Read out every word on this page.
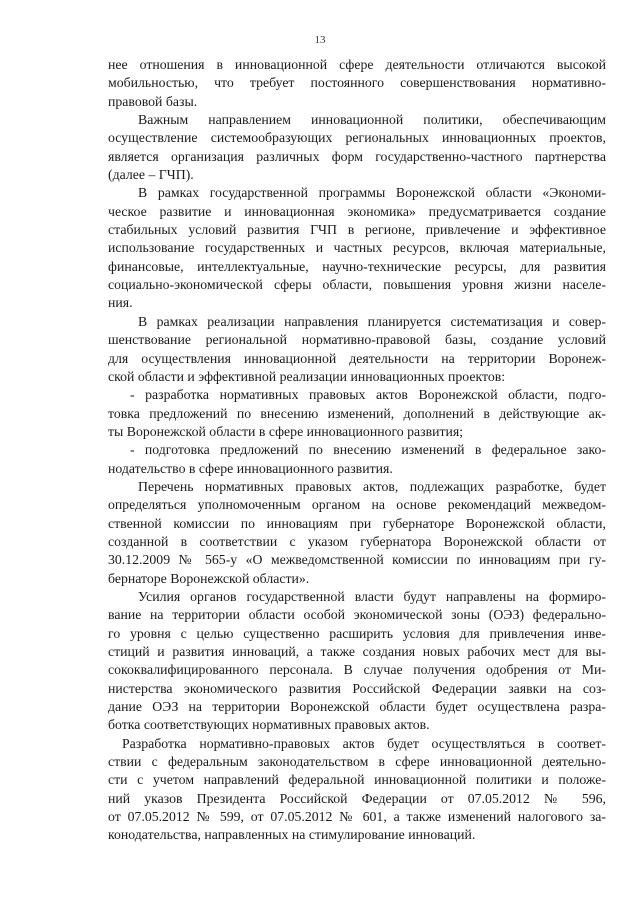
13
нее отношения в инновационной сфере деятельности отличаются высокой
мобильностью, что требует постоянного совершенствования нормативно-
правовой базы.
Важным направлением инновационной политики, обеспечивающим
осуществление системообразующих региональных инновационных проектов,
является организация различных форм государственно-частного партнерства
(далее – ГЧП).
В рамках государственной программы Воронежской области «Экономи-
ческое развитие и инновационная экономика» предусматривается создание
стабильных условий развития ГЧП в регионе, привлечение и эффективное
использование государственных и частных ресурсов, включая материальные,
финансовые, интеллектуальные, научно-технические ресурсы, для развития
социально-экономической сферы области, повышения уровня жизни населе-
ния.
В рамках реализации направления планируется систематизация и совер-
шенствование региональной нормативно-правовой базы, создание условий
для осуществления инновационной деятельности на территории Воронеж-
ской области и эффективной реализации инновационных проектов:
- разработка нормативных правовых актов Воронежской области, подго-
товка предложений по внесению изменений, дополнений в действующие ак-
ты Воронежской области в сфере инновационного развития;
- подготовка предложений по внесению изменений в федеральное зако-
нодательство в сфере инновационного развития.
Перечень нормативных правовых актов, подлежащих разработке, будет
определяться уполномоченным органом на основе рекомендаций межведом-
ственной комиссии по инновациям при губернаторе Воронежской области,
созданной в соответствии с указом губернатора Воронежской области от
30.12.2009 № 565-у «О межведомственной комиссии по инновациям при гу-
бернаторе Воронежской области».
Усилия органов государственной власти будут направлены на формиро-
вание на территории области особой экономической зоны (ОЭЗ) федерально-
го уровня с целью существенно расширить условия для привлечения инве-
стиций и развития инноваций, а также создания новых рабочих мест для вы-
сококвалифицированного персонала. В случае получения одобрения от Ми-
нистерства экономического развития Российской Федерации заявки на соз-
дание ОЭЗ на территории Воронежской области будет осуществлена разра-
ботка соответствующих нормативных правовых актов.
Разработка нормативно-правовых актов будет осуществляться в соответ-
ствии с федеральным законодательством в сфере инновационной деятельно-
сти с учетом направлений федеральной инновационной политики и положе-
ний указов Президента Российской Федерации от 07.05.2012 № 596,
от 07.05.2012 № 599, от 07.05.2012 № 601, а также изменений налогового за-
конодательства, направленных на стимулирование инноваций.
